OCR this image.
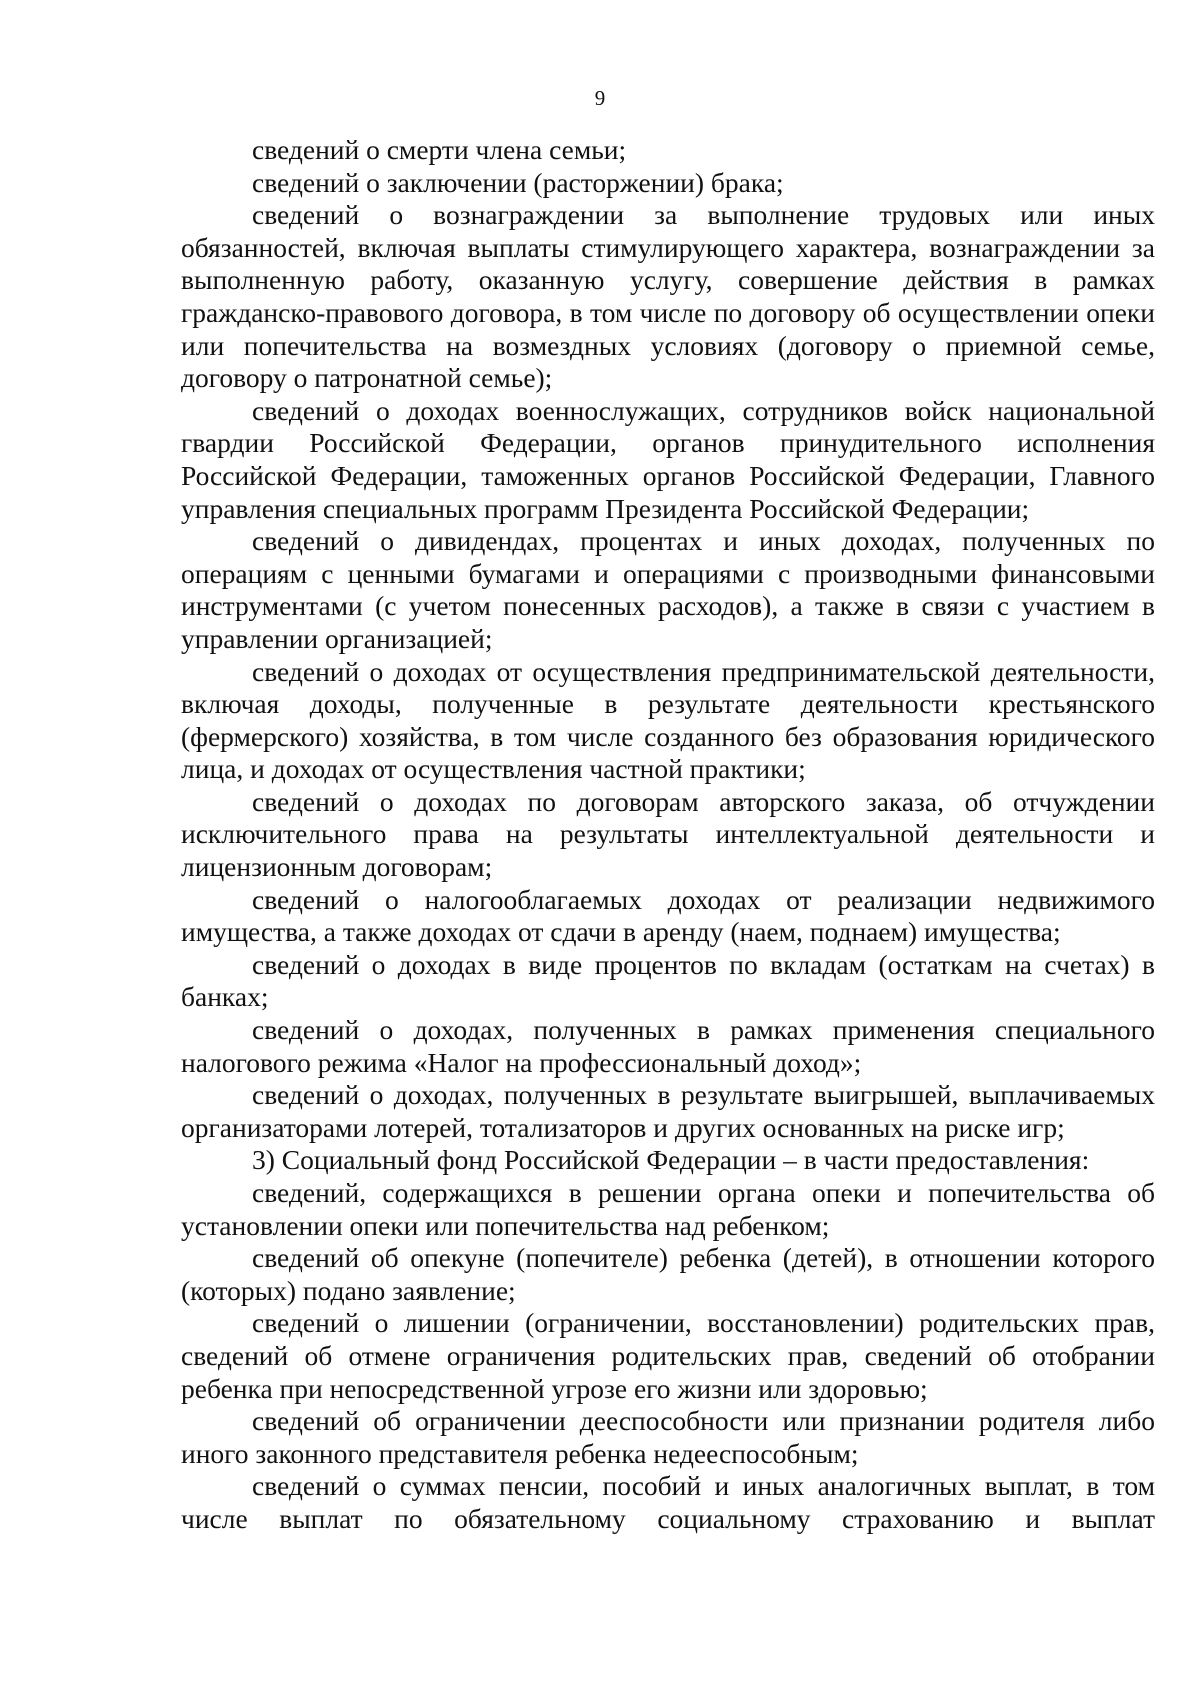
9

сведений о смерти члена семьи;

сведений о заключении (расторжении) брака;

сведений о вознаграждении за выполнение трудовых или иных обязанностей, включая выплаты стимулирующего характера, вознаграждении за выполненную работу, оказанную услугу, совершение действия в рамках гражданско-правового договора, в том числе по договору об осуществлении опеки или попечительства на возмездных условиях (договору о приемной семье, договору о патронатной семье);

сведений о доходах военнослужащих, сотрудников войск национальной гвардии Российской Федерации, органов принудительного исполнения Российской Федерации, таможенных органов Российской Федерации, Главного управления специальных программ Президента Российской Федерации;

сведений о дивидендах, процентах и иных доходах, полученных по операциям с ценными бумагами и операциями с производными финансовыми инструментами (с учетом понесенных расходов), а также в связи с участием в управлении организацией;

сведений о доходах от осуществления предпринимательской деятельности, включая доходы, полученные в результате деятельности крестьянского (фермерского) хозяйства, в том числе созданного без образования юридического лица, и доходах от осуществления частной практики;

сведений о доходах по договорам авторского заказа, об отчуждении исключительного права на результаты интеллектуальной деятельности и лицензионным договорам;

сведений о налогооблагаемых доходах от реализации недвижимого имущества, а также доходах от сдачи в аренду (наем, поднаем) имущества;

сведений о доходах в виде процентов по вкладам (остаткам на счетах) в банках;

сведений о доходах, полученных в рамках применения специального налогового режима «Налог на профессиональный доход»;

сведений о доходах, полученных в результате выигрышей, выплачиваемых организаторами лотерей, тотализаторов и других основанных на риске игр;

3) Социальный фонд Российской Федерации – в части предоставления:

сведений, содержащихся в решении органа опеки и попечительства об установлении опеки или попечительства над ребенком;

сведений об опекуне (попечителе) ребенка (детей), в отношении которого (которых) подано заявление;

сведений о лишении (ограничении, восстановлении) родительских прав, сведений об отмене ограничения родительских прав, сведений об отобрании ребенка при непосредственной угрозе его жизни или здоровью;

сведений об ограничении дееспособности или признании родителя либо иного законного представителя ребенка недееспособным;

сведений о суммах пенсии, пособий и иных аналогичных выплат, в том числе выплат по обязательному социальному страхованию и выплат
